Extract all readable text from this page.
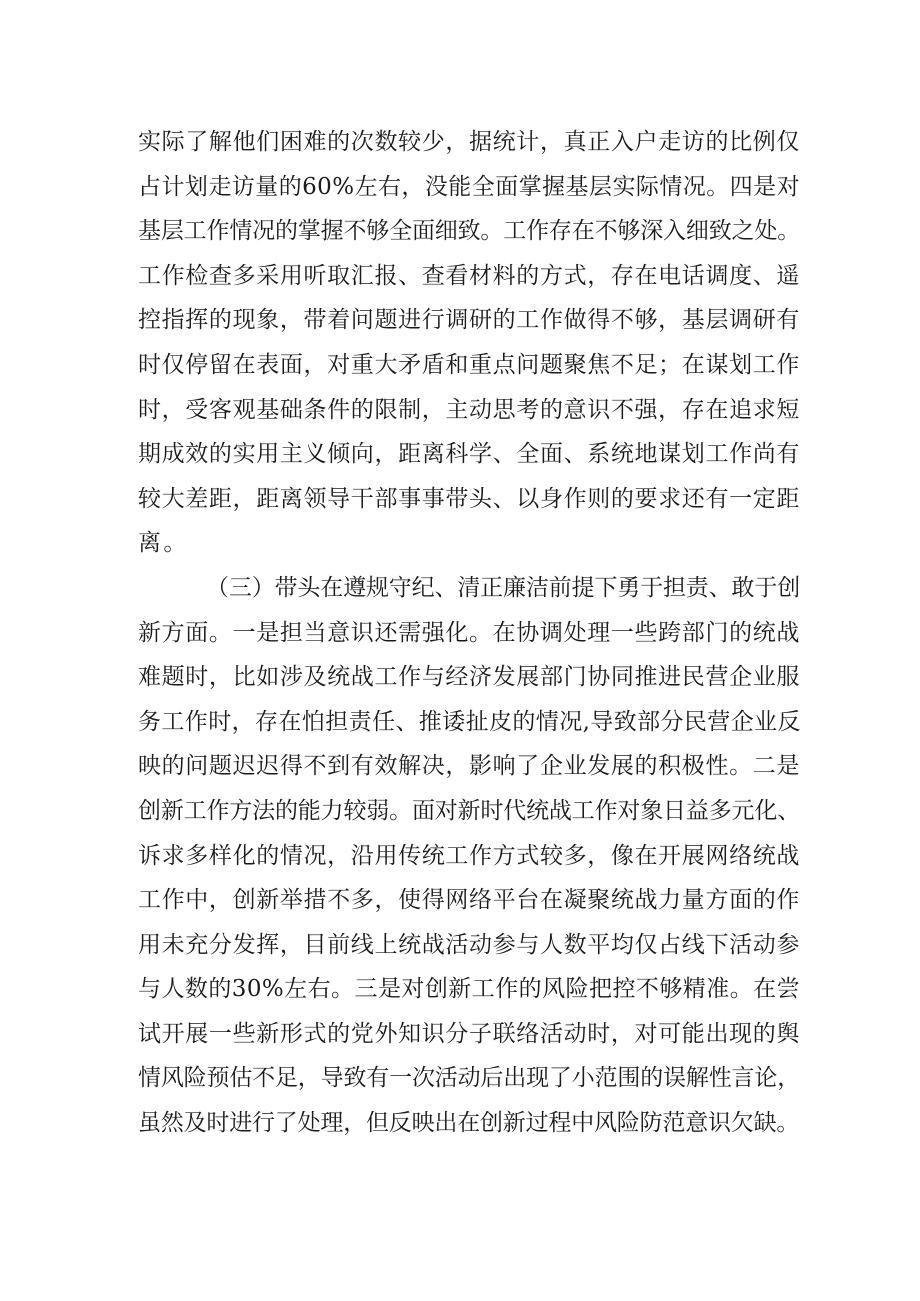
实际了解他们困难的次数较少，据统计，真正入户走访的比例仅
占计划走访量的60%左右，没能全面掌握基层实际情况。四是对
基层工作情况的掌握不够全面细致。工作存在不够深入细致之处。
工作检查多采用听取汇报、查看材料的方式，存在电话调度、遥
控指挥的现象，带着问题进行调研的工作做得不够，基层调研有
时仅停留在表面，对重大矛盾和重点问题聚焦不足；在谋划工作
时，受客观基础条件的限制，主动思考的意识不强，存在追求短
期成效的实用主义倾向，距离科学、全面、系统地谋划工作尚有
较大差距，距离领导干部事事带头、以身作则的要求还有一定距
离。
（三）带头在遵规守纪、清正廉洁前提下勇于担责、敢于创
新方面。一是担当意识还需强化。在协调处理一些跨部门的统战
难题时，比如涉及统战工作与经济发展部门协同推进民营企业服
务工作时，存在怕担责任、推诿扯皮的情况,导致部分民营企业反
映的问题迟迟得不到有效解决，影响了企业发展的积极性。二是
创新工作方法的能力较弱。面对新时代统战工作对象日益多元化、
诉求多样化的情况，沿用传统工作方式较多，像在开展网络统战
工作中，创新举措不多，使得网络平台在凝聚统战力量方面的作
用未充分发挥，目前线上统战活动参与人数平均仅占线下活动参
与人数的30%左右。三是对创新工作的风险把控不够精准。在尝
试开展一些新形式的党外知识分子联络活动时，对可能出现的舆
情风险预估不足，导致有一次活动后出现了小范围的误解性言论，
虽然及时进行了处理，但反映出在创新过程中风险防范意识欠缺。
